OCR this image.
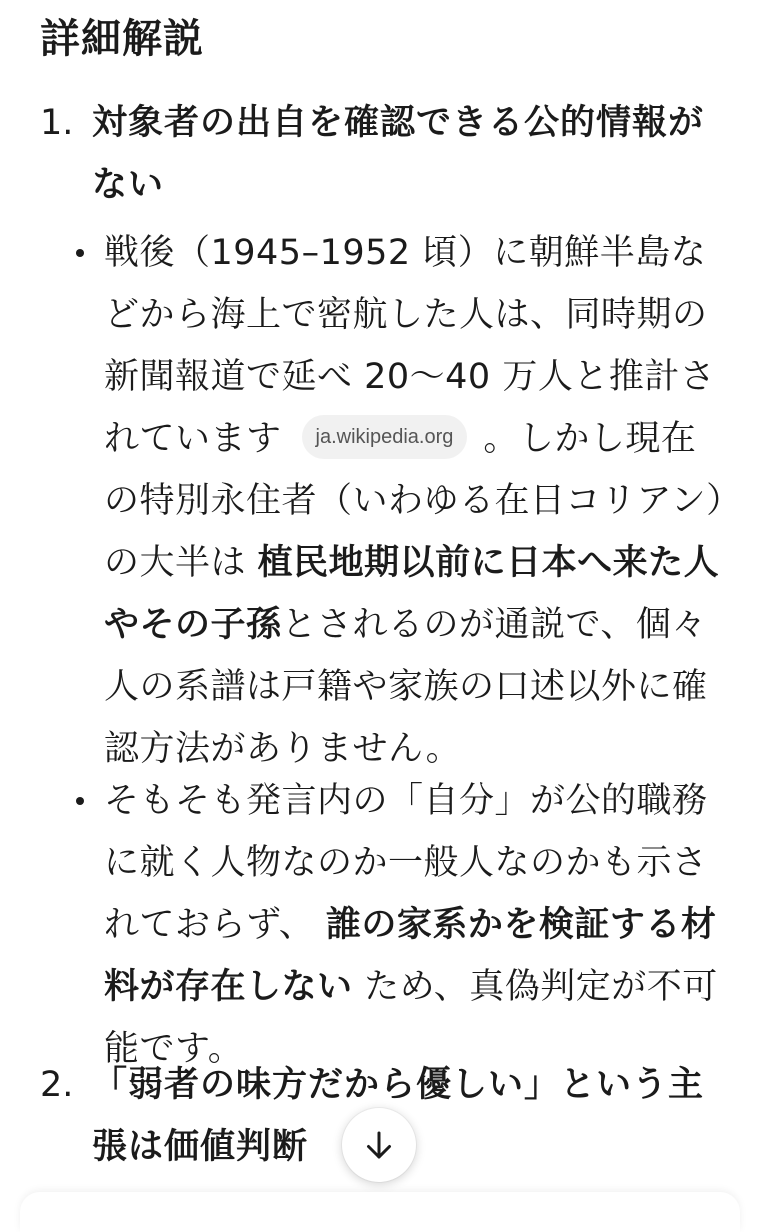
詳細解説
1. 対象者の出自を確認できる公的情報がない
戦後（1945–1952 頃）に朝鮮半島などから海上で密航した人は、同時期の新聞報道で延べ 20〜40 万人と推計されています ja.wikipedia.org 。しかし現在の特別永住者（いわゆる在日コリアン）の大半は 植民地期以前に日本へ来た人やその子孫とされるのが通説で、個々人の系譜は戸籍や家族の口述以外に確認方法がありません。
そもそも発言内の「自分」が公的職務に就く人物なのか一般人なのかも示されておらず、 誰の家系かを検証する材料が存在しない ため、真偽判定が不可能です。
2. 「弱者の味方だから優しい」という主張は価値判断
